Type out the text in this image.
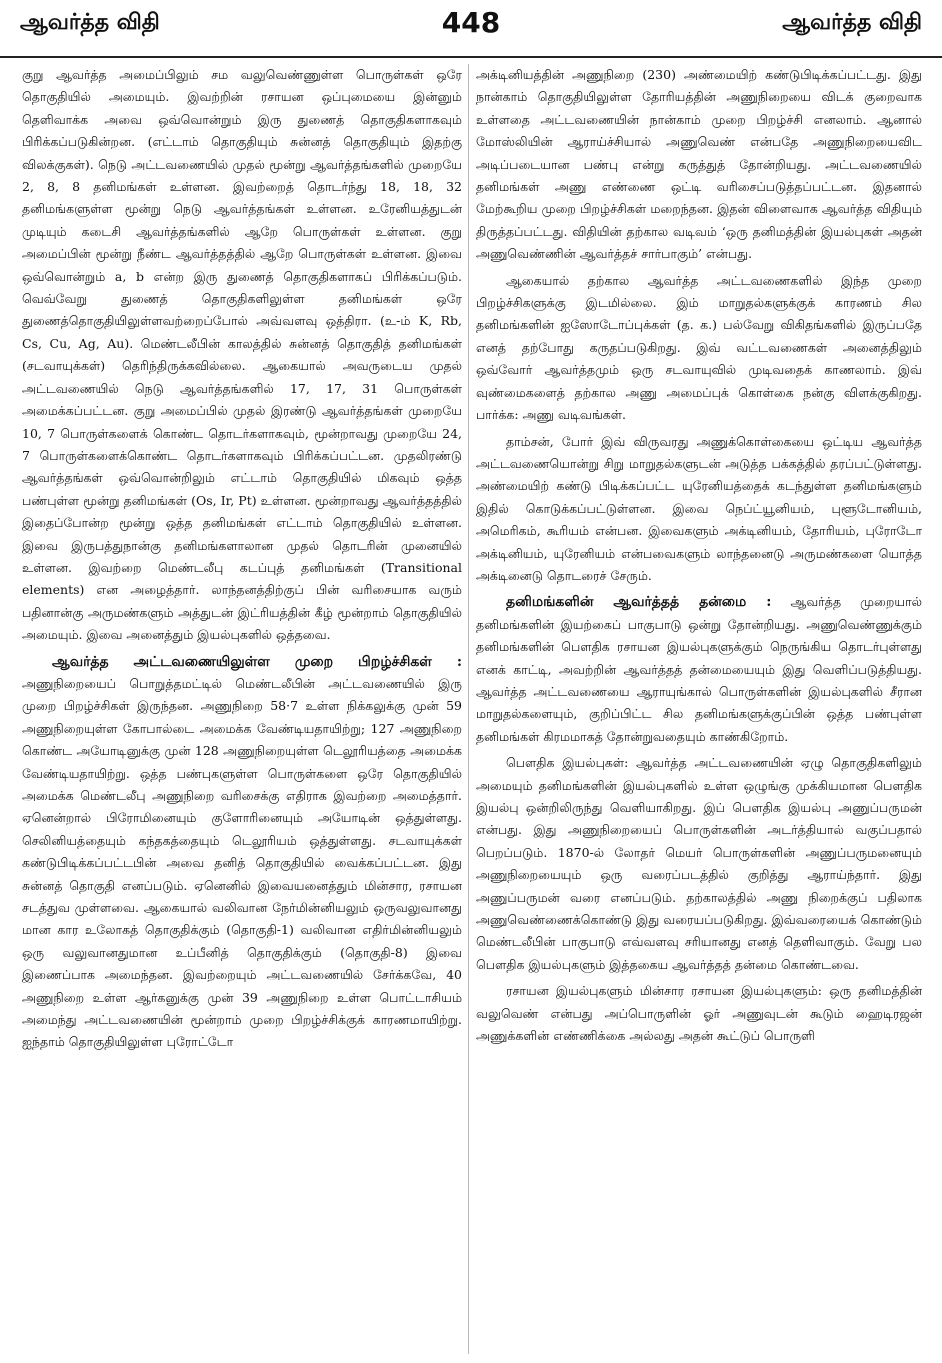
448
ஆவர்த்த விதி	ஆவர்த்த விதி

குறு ஆவர்த்த அமைப்பிலும் சம வலுவெண்ணுள்ள பொருள்கள் ஒரே தொகுதியில் அமையும். இவற்றின் ரசாயன ஒப்புமையை இன்னும் தெளிவாக்க அவை ஒவ்வொன்றும் இரு துணைத் தொகுதிகளாகவும் பிரிக்கப்படுகின்றன. (எட்டாம் தொகுதியும் சுன்னத் தொகுதியும் இதற்கு விலக்குகள்). நெடு அட்டவணையில் முதல் மூன்று ஆவர்த்தங்களில் முறையே 2, 8, 8 தனிமங்கள் உள்ளன. இவற்றைத் தொடர்ந்து 18, 18, 32 தனிமங்களுள்ள மூன்று நெடு ஆவர்த்தங்கள் உள்ளன. உரேனியத்துடன் முடியும் கடைசி ஆவர்த்தங்களில் ஆறே பொருள்கள் உள்ளன. குறு அமைப்பின் மூன்று நீண்ட ஆவர்த்தத்தில் ஆறே பொருள்கள் உள்ளன. இவை ஒவ்வொன்றும் a, b என்ற இரு துணைத் தொகுதிகளாகப் பிரிக்கப்படும். வெவ்வேறு துணைத் தொகுதிகளிலுள்ள தனிமங்கள் ஒரே துணைத்தொகுதியிலுள்ளவற்றைப்போல் அவ்வளவு ஒத்திரா. (உ-ம் K, Rb, Cs, Cu, Ag, Au). மெண்டலீபின் காலத்தில் சுன்னத் தொகுதித் தனிமங்கள் (சடவாயுக்கள்) தெரிந்திருக்கவில்லை. ஆகையால் அவருடைய முதல் அட்டவணையில் நெடு ஆவர்த்தங்களில் 17, 17, 31 பொருள்கள் அமைக்கப்பட்டன. குறு அமைப்பில் முதல் இரண்டு ஆவர்த்தங்கள் முறையே 10, 7 பொருள்களைக் கொண்ட தொடர்களாகவும், மூன்றாவது முறையே 24, 7 பொருள்களைக்கொண்ட தொடர்களாகவும் பிரிக்கப்பட்டன. முதலிரண்டு ஆவர்த்தங்கள் ஒவ்வொன்றிலும் எட்டாம் தொகுதியில் மிகவும் ஒத்த பண்புள்ள மூன்று தனிமங்கள் (Os, Ir, Pt) உள்ளன. மூன்றாவது ஆவர்த்தத்தில் இதைப்போன்ற மூன்று ஒத்த தனிமங்கள் எட்டாம் தொகுதியில் உள்ளன. இவை இருபத்துநான்கு தனிமங்களாலான முதல் தொடரின் முனையில் உள்ளன. இவற்றை மெண்டலீபு கடப்புத் தனிமங்கள் (Transitional elements) என அழைத்தார். லாந்தனத்திற்குப் பின் வரிசையாக வரும் பதினான்கு அருமண்களும் அத்துடன் இட்ரியத்தின் கீழ் மூன்றாம் தொகுதியில் அமையும். இவை அனைத்தும் இயல்புகளில் ஒத்தவை.

ஆவர்த்த அட்டவணையிலுள்ள முறை பிறழ்ச்சிகள் : அணுநிறையைப் பொறுத்தமட்டில் மெண்டலீபின் அட்டவணையில் இரு முறை பிறழ்ச்சிகள் இருந்தன. அணுநிறை 58·7 உள்ள நிக்கலுக்கு முன் 59 அணுநிறையுள்ள கோபால்டை அமைக்க வேண்டியதாயிற்று; 127 அணுநிறை கொண்ட அயோடினுக்கு முன் 128 அணுநிறையுள்ள டெலூரியத்தை அமைக்க வேண்டியதாயிற்று. ஒத்த பண்புகளுள்ள பொருள்களை ஒரே தொகுதியில் அமைக்க மெண்டலீபு அணுநிறை வரிசைக்கு எதிராக இவற்றை அமைத்தார். ஏனென்றால் பிரோமினையும் குளோரினையும் அயோடின் ஒத்துள்ளது. செலினியத்தையும் கந்தகத்தையும் டெலூரியம் ஒத்துள்ளது. சடவாயுக்கள் கண்டுபிடிக்கப்பட்டபின் அவை தனித் தொகுதியில் வைக்கப்பட்டன. இது சுன்னத் தொகுதி எனப்படும். ஏனெனில் இவையனைத்தும் மின்சார, ரசாயன சடத்துவ முள்ளவை. ஆகையால் வலிவான நேர்மின்னியலும் ஒருவலுவானது மான கார உலோகத் தொகுதிக்கும் (தொகுதி-1) வலிவான எதிர்மின்னியலும் ஒரு வலுவானதுமான உப்பீனித் தொகுதிக்கும் (தொகுதி-8) இவை இணைப்பாக அமைந்தன. இவற்றையும் அட்டவணையில் சேர்க்கவே, 40 அணுநிறை உள்ள ஆர்கனுக்கு முன் 39 அணுநிறை உள்ள பொட்டாசியம் அமைந்து அட்டவணையின் மூன்றாம் முறை பிறழ்ச்சிக்குக் காரணமாயிற்று. ஐந்தாம் தொகுதியிலுள்ள புரோட்டோ

அக்டினியத்தின் அணுநிறை (230) அண்மையிற் கண்டுபிடிக்கப்பட்டது. இது நான்காம் தொகுதியிலுள்ள தோரியத்தின் அணுநிறையை விடக் குறைவாக உள்ளதை அட்டவணையின் நான்காம் முறை பிறழ்ச்சி எனலாம். ஆனால் மோஸ்லியின் ஆராய்ச்சியால் அணுவெண் என்பதே அணுநிறையைவிட அடிப்படையான பண்பு என்று கருத்துத் தோன்றியது. அட்டவணையில் தனிமங்கள் அணு எண்ணை ஒட்டி வரிசைப்படுத்தப்பட்டன. இதனால் மேற்கூறிய முறை பிறழ்ச்சிகள் மறைந்தன. இதன் விளைவாக ஆவர்த்த விதியும் திருத்தப்பட்டது. விதியின் தற்கால வடிவம் ‘ஒரு தனிமத்தின் இயல்புகள் அதன் அணுவெண்ணின் ஆவர்த்தச் சார்பாகும்’ என்பது.

ஆகையால் தற்கால ஆவர்த்த அட்டவணைகளில் இந்த முறை பிறழ்ச்சிகளுக்கு இடமில்லை. இம் மாறுதல்களுக்குக் காரணம் சில தனிமங்களின் ஐஸோடோப்புக்கள் (த. க.) பல்வேறு விகிதங்களில் இருப்பதே எனத் தற்போது கருதப்படுகிறது. இவ் வட்டவணைகள் அனைத்திலும் ஒவ்வோர் ஆவர்த்தமும் ஒரு சடவாயுவில் முடிவதைக் காணலாம். இவ் வுண்மைகளைத் தற்கால அணு அமைப்புக் கொள்கை நன்கு விளக்குகிறது. பார்க்க: அணு வடிவங்கள்.

தாம்சன், போர் இவ் விருவரது அணுக்கொள்கையை ஒட்டிய ஆவர்த்த அட்டவணையொன்று சிறு மாறுதல்களுடன் அடுத்த பக்கத்தில் தரப்பட்டுள்ளது. அண்மையிற் கண்டு பிடிக்கப்பட்ட யுரேனியத்தைக் கடந்துள்ள தனிமங்களும் இதில் கொடுக்கப்பட்டுள்ளன. இவை நெப்ட்யூனியம், புளூடோனியம், அமெரிகம், கூரியம் என்பன. இவைகளும் அக்டினியம், தோரியம், புரோடோ அக்டினியம், யுரேனியம் என்பவைகளும் லாந்தனைடு அருமண்களை யொத்த அக்டினைடு தொடரைச் சேரும்.

தனிமங்களின் ஆவர்த்தத் தன்மை : ஆவர்த்த முறையால் தனிமங்களின் இயற்கைப் பாகுபாடு ஒன்று தோன்றியது. அணுவெண்ணுக்கும் தனிமங்களின் பௌதிக ரசாயன இயல்புகளுக்கும் நெருங்கிய தொடர்புள்ளது எனக் காட்டி, அவற்றின் ஆவர்த்தத் தன்மையையும் இது வெளிப்படுத்தியது. ஆவர்த்த அட்டவணையை ஆராயுங்கால் பொருள்களின் இயல்புகளில் சீரான மாறுதல்களையும், குறிப்பிட்ட சில தனிமங்களுக்குப்பின் ஒத்த பண்புள்ள தனிமங்கள் கிரமமாகத் தோன்றுவதையும் காண்கிறோம்.

பௌதிக இயல்புகள்: ஆவர்த்த அட்டவணையின் ஏழு தொகுதிகளிலும் அமையும் தனிமங்களின் இயல்புகளில் உள்ள ஒழுங்கு முக்கியமான பௌதிக இயல்பு ஒன்றிலிருந்து வெளியாகிறது. இப் பௌதிக இயல்பு அணுப்பருமன் என்பது. இது அணுநிறையைப் பொருள்களின் அடர்த்தியால் வகுப்பதால் பெறப்படும். 1870-ல் லோதர் மெயர் பொருள்களின் அணுப்பருமனையும் அணுநிறையையும் ஒரு வரைப்படத்தில் குறித்து ஆராய்ந்தார். இது அணுப்பருமன் வரை எனப்படும். தற்காலத்தில் அணு நிறைக்குப் பதிலாக அணுவெண்ணைக்கொண்டு இது வரையப்படுகிறது. இவ்வரையைக் கொண்டும் மெண்டலீபின் பாகுபாடு எவ்வளவு சரியானது எனத் தெளிவாகும். வேறு பல பௌதிக இயல்புகளும் இத்தகைய ஆவர்த்தத் தன்மை கொண்டவை.

ரசாயன இயல்புகளும் மின்சார ரசாயன இயல்புகளும்: ஒரு தனிமத்தின் வலுவெண் என்பது அப்பொருளின் ஓர் அணுவுடன் கூடும் ஹைடிரஜன் அணுக்களின் எண்ணிக்கை அல்லது அதன் கூட்டுப் பொருளி
